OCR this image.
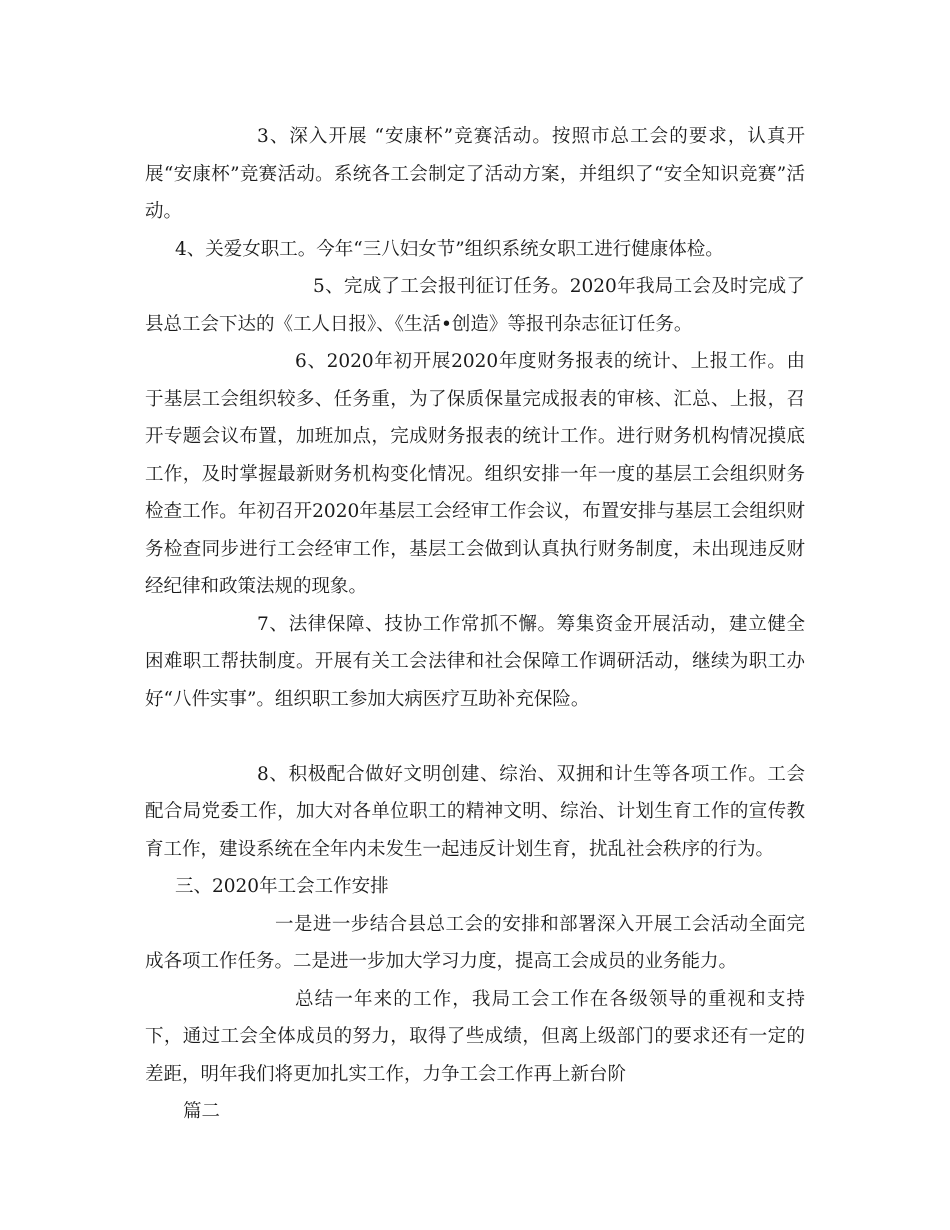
3、深入开展 “安康杯”竞赛活动。按照市总工会的要求，认真开展“安康杯”竞赛活动。系统各工会制定了活动方案，并组织了“安全知识竞赛”活动。

4、关爱女职工。今年“三八妇女节”组织系统女职工进行健康体检。

5、完成了工会报刊征订任务。2020年我局工会及时完成了县总工会下达的《工人日报》、《生活•创造》等报刊杂志征订任务。

6、2020年初开展2020年度财务报表的统计、上报工作。由于基层工会组织较多、任务重，为了保质保量完成报表的审核、汇总、上报，召开专题会议布置，加班加点，完成财务报表的统计工作。进行财务机构情况摸底工作，及时掌握最新财务机构变化情况。组织安排一年一度的基层工会组织财务检查工作。年初召开2020年基层工会经审工作会议，布置安排与基层工会组织财务检查同步进行工会经审工作，基层工会做到认真执行财务制度，未出现违反财经纪律和政策法规的现象。

7、法律保障、技协工作常抓不懈。筹集资金开展活动，建立健全困难职工帮扶制度。开展有关工会法律和社会保障工作调研活动，继续为职工办好“八件实事”。组织职工参加大病医疗互助补充保险。

8、积极配合做好文明创建、综治、双拥和计生等各项工作。工会配合局党委工作，加大对各单位职工的精神文明、综治、计划生育工作的宣传教育工作，建设系统在全年内未发生一起违反计划生育，扰乱社会秩序的行为。

三、2020年工会工作安排

一是进一步结合县总工会的安排和部署深入开展工会活动全面完成各项工作任务。二是进一步加大学习力度，提高工会成员的业务能力。

总结一年来的工作，我局工会工作在各级领导的重视和支持下，通过工会全体成员的努力，取得了些成绩，但离上级部门的要求还有一定的差距，明年我们将更加扎实工作，力争工会工作再上新台阶

篇二
